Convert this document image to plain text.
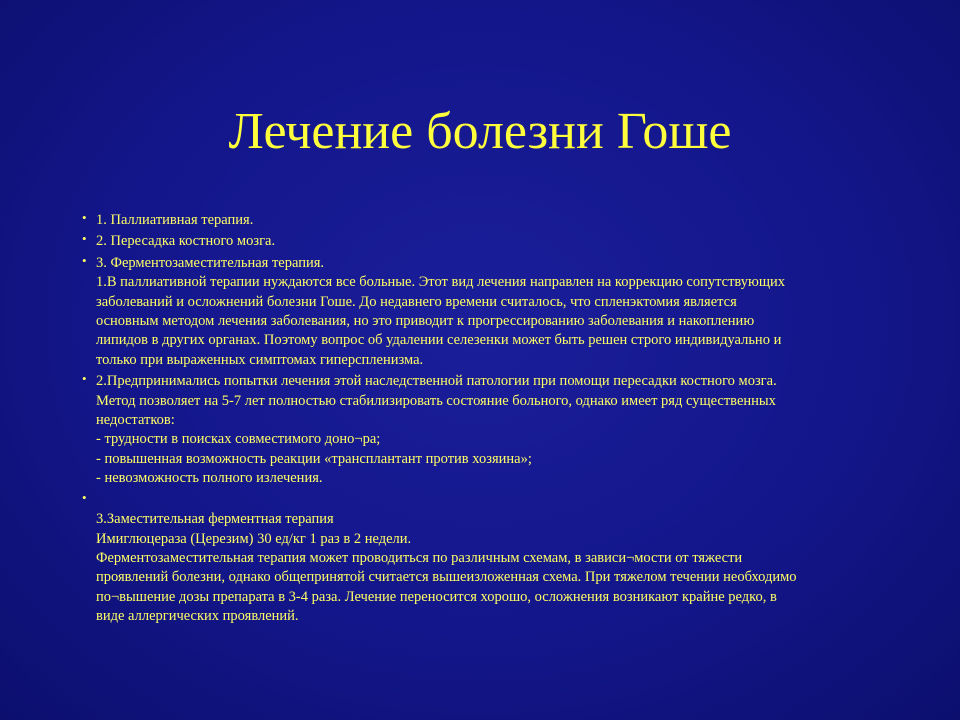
Лечение болезни Гоше
• 1. Паллиативная терапия.
• 2. Пересадка костного мозга.
• 3. Ферментозаместительная терапия.
1.В паллиативной терапии нуждаются все больные. Этот вид лечения направлен на коррекцию сопутствующих
заболеваний и осложнений болезни Гоше. До недавнего времени считалось, что спленэктомия является
основным методом лечения заболевания, но это приводит к прогрессированию заболевания и накоплению
липидов в других органах. Поэтому вопрос об удалении селезенки может быть решен строго индивидуально и
только при выраженных симптомах гиперспленизма.
• 2.Предпринимались попытки лечения этой наследственной патологии при помощи пересадки костного мозга.
Метод позволяет на 5-7 лет полностью стабилизировать состояние больного, однако имеет ряд существенных
недостатков:
- трудности в поисках совместимого доно¬ра;
- повышенная возможность реакции «трансплантант против хозяина»;
- невозможность полного излечения.
•

3.Заместительная ферментная терапия
Имиглюцераза (Церезим) 30 ед/кг 1 раз в 2 недели.
Ферментозаместительная терапия может проводиться по различным схемам, в зависи¬мости от тяжести
проявлений болезни, однако общепринятой считается вышеизложенная схема. При тяжелом течении необходимо
по¬вышение дозы препарата в 3-4 раза. Лечение переносится хорошо, осложнения возникают крайне редко, в
виде аллергических проявлений.
